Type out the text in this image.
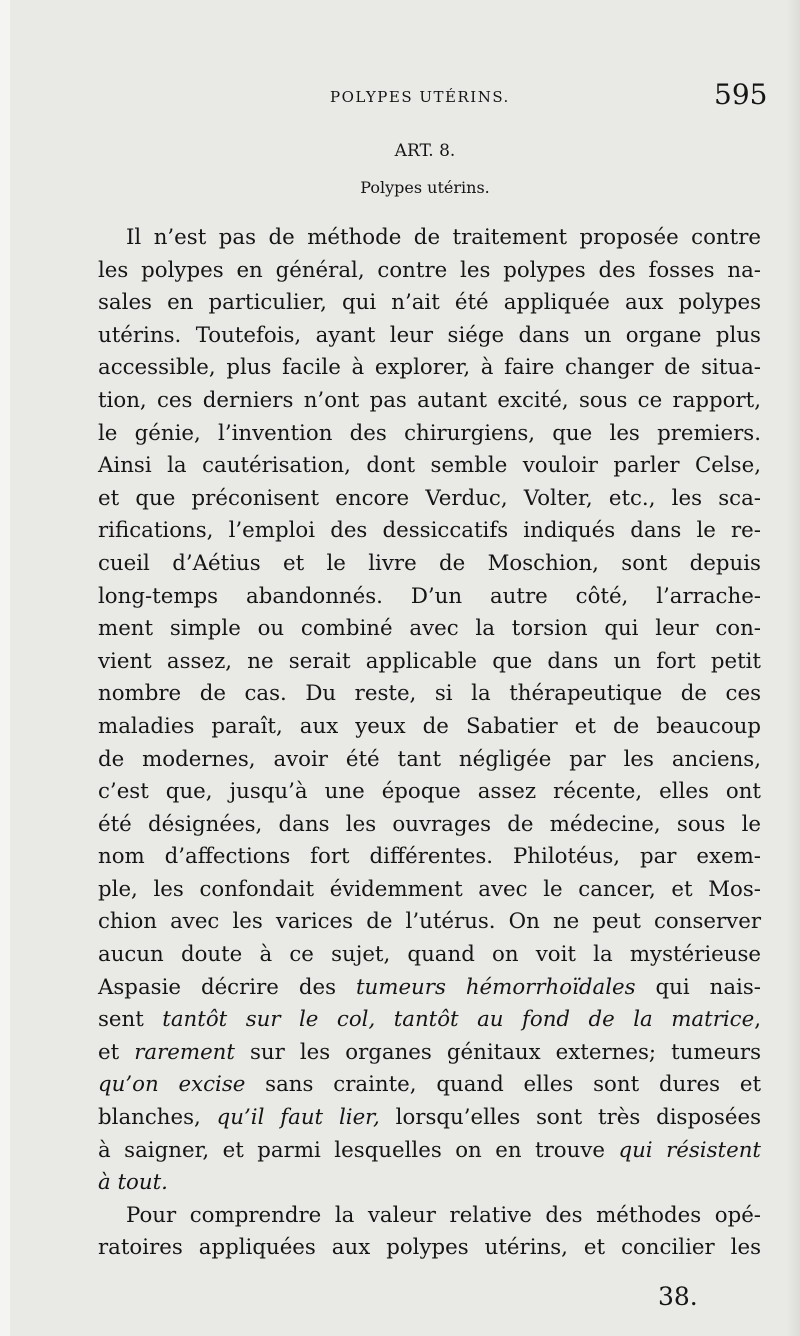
POLYPES UTÉRINS.	595
ART. 8.
Polypes utérins.
Il n’est pas de méthode de traitement proposée contre
les polypes en général, contre les polypes des fosses na-
sales en particulier, qui n’ait été appliquée aux polypes
utérins. Toutefois, ayant leur siége dans un organe plus
accessible, plus facile à explorer, à faire changer de situa-
tion, ces derniers n’ont pas autant excité, sous ce rapport,
le génie, l’invention des chirurgiens, que les premiers.
Ainsi la cautérisation, dont semble vouloir parler Celse,
et que préconisent encore Verduc, Volter, etc., les sca-
rifications, l’emploi des dessiccatifs indiqués dans le re-
cueil d’Aétius et le livre de Moschion, sont depuis
long-temps abandonnés. D’un autre côté, l’arrache-
ment simple ou combiné avec la torsion qui leur con-
vient assez, ne serait applicable que dans un fort petit
nombre de cas. Du reste, si la thérapeutique de ces
maladies paraît, aux yeux de Sabatier et de beaucoup
de modernes, avoir été tant négligée par les anciens,
c’est que, jusqu’à une époque assez récente, elles ont
été désignées, dans les ouvrages de médecine, sous le
nom d’affections fort différentes. Philotéus, par exem-
ple, les confondait évidemment avec le cancer, et Mos-
chion avec les varices de l’utérus. On ne peut conserver
aucun doute à ce sujet, quand on voit la mystérieuse
Aspasie décrire des tumeurs hémorrhoïdales qui nais-
sent tantôt sur le col, tantôt au fond de la matrice,
et rarement sur les organes génitaux externes; tumeurs
qu’on excise sans crainte, quand elles sont dures et
blanches, qu’il faut lier, lorsqu’elles sont très disposées
à saigner, et parmi lesquelles on en trouve qui résistent
à tout.
Pour comprendre la valeur relative des méthodes opé-
ratoires appliquées aux polypes utérins, et concilier les
38.
